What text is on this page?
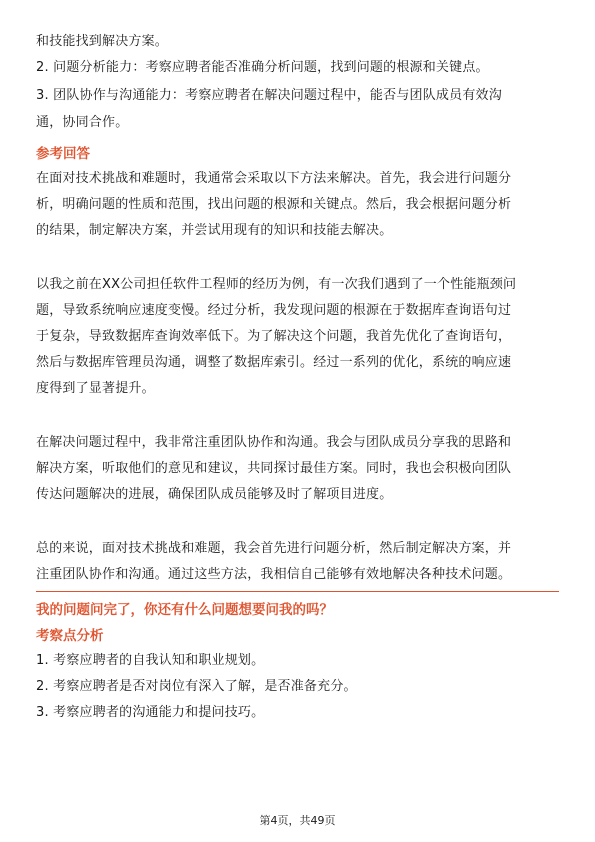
和技能找到解决方案。
2. 问题分析能力：考察应聘者能否准确分析问题，找到问题的根源和关键点。
3. 团队协作与沟通能力：考察应聘者在解决问题过程中，能否与团队成员有效沟
通，协同合作。
参考回答
在面对技术挑战和难题时，我通常会采取以下方法来解决。首先，我会进行问题分
析，明确问题的性质和范围，找出问题的根源和关键点。然后，我会根据问题分析
的结果，制定解决方案，并尝试用现有的知识和技能去解决。
以我之前在XX公司担任软件工程师的经历为例，有一次我们遇到了一个性能瓶颈问
题，导致系统响应速度变慢。经过分析，我发现问题的根源在于数据库查询语句过
于复杂，导致数据库查询效率低下。为了解决这个问题，我首先优化了查询语句，
然后与数据库管理员沟通，调整了数据库索引。经过一系列的优化，系统的响应速
度得到了显著提升。
在解决问题过程中，我非常注重团队协作和沟通。我会与团队成员分享我的思路和
解决方案，听取他们的意见和建议，共同探讨最佳方案。同时，我也会积极向团队
传达问题解决的进展，确保团队成员能够及时了解项目进度。
总的来说，面对技术挑战和难题，我会首先进行问题分析，然后制定解决方案，并
注重团队协作和沟通。通过这些方法，我相信自己能够有效地解决各种技术问题。
我的问题问完了，你还有什么问题想要问我的吗？
考察点分析
1. 考察应聘者的自我认知和职业规划。
2. 考察应聘者是否对岗位有深入了解，是否准备充分。
3. 考察应聘者的沟通能力和提问技巧。
第4页，共49页
